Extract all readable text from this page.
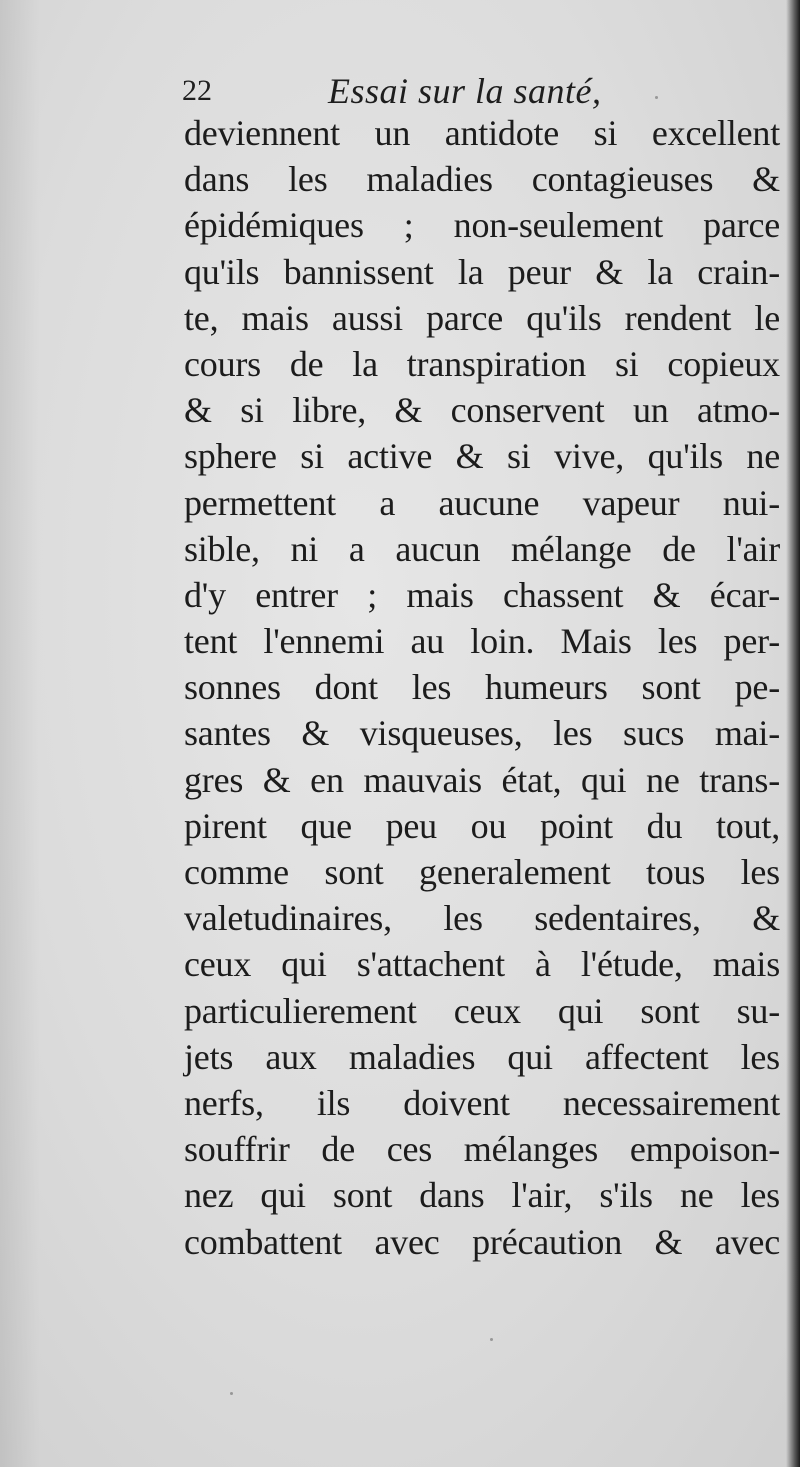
22	Essai sur la santé,
deviennent un antidote si excellent
dans les maladies contagieuses &
épidémiques ; non-seulement parce
qu'ils bannissent la peur & la crain-
te, mais aussi parce qu'ils rendent le
cours de la transpiration si copieux
& si libre, & conservent un atmo-
sphere si active & si vive, qu'ils ne
permettent a aucune vapeur nui-
sible, ni a aucun mélange de l'air
d'y entrer ; mais chassent & écar-
tent l'ennemi au loin. Mais les per-
sonnes dont les humeurs sont pe-
santes & visqueuses, les sucs mai-
gres & en mauvais état, qui ne trans-
pirent que peu ou point du tout,
comme sont generalement tous les
valetudinaires, les sedentaires, &
ceux qui s'attachent à l'étude, mais
particulierement ceux qui sont su-
jets aux maladies qui affectent les
nerfs, ils doivent necessairement
souffrir de ces mélanges empoison-
nez qui sont dans l'air, s'ils ne les
combattent avec précaution & avec
